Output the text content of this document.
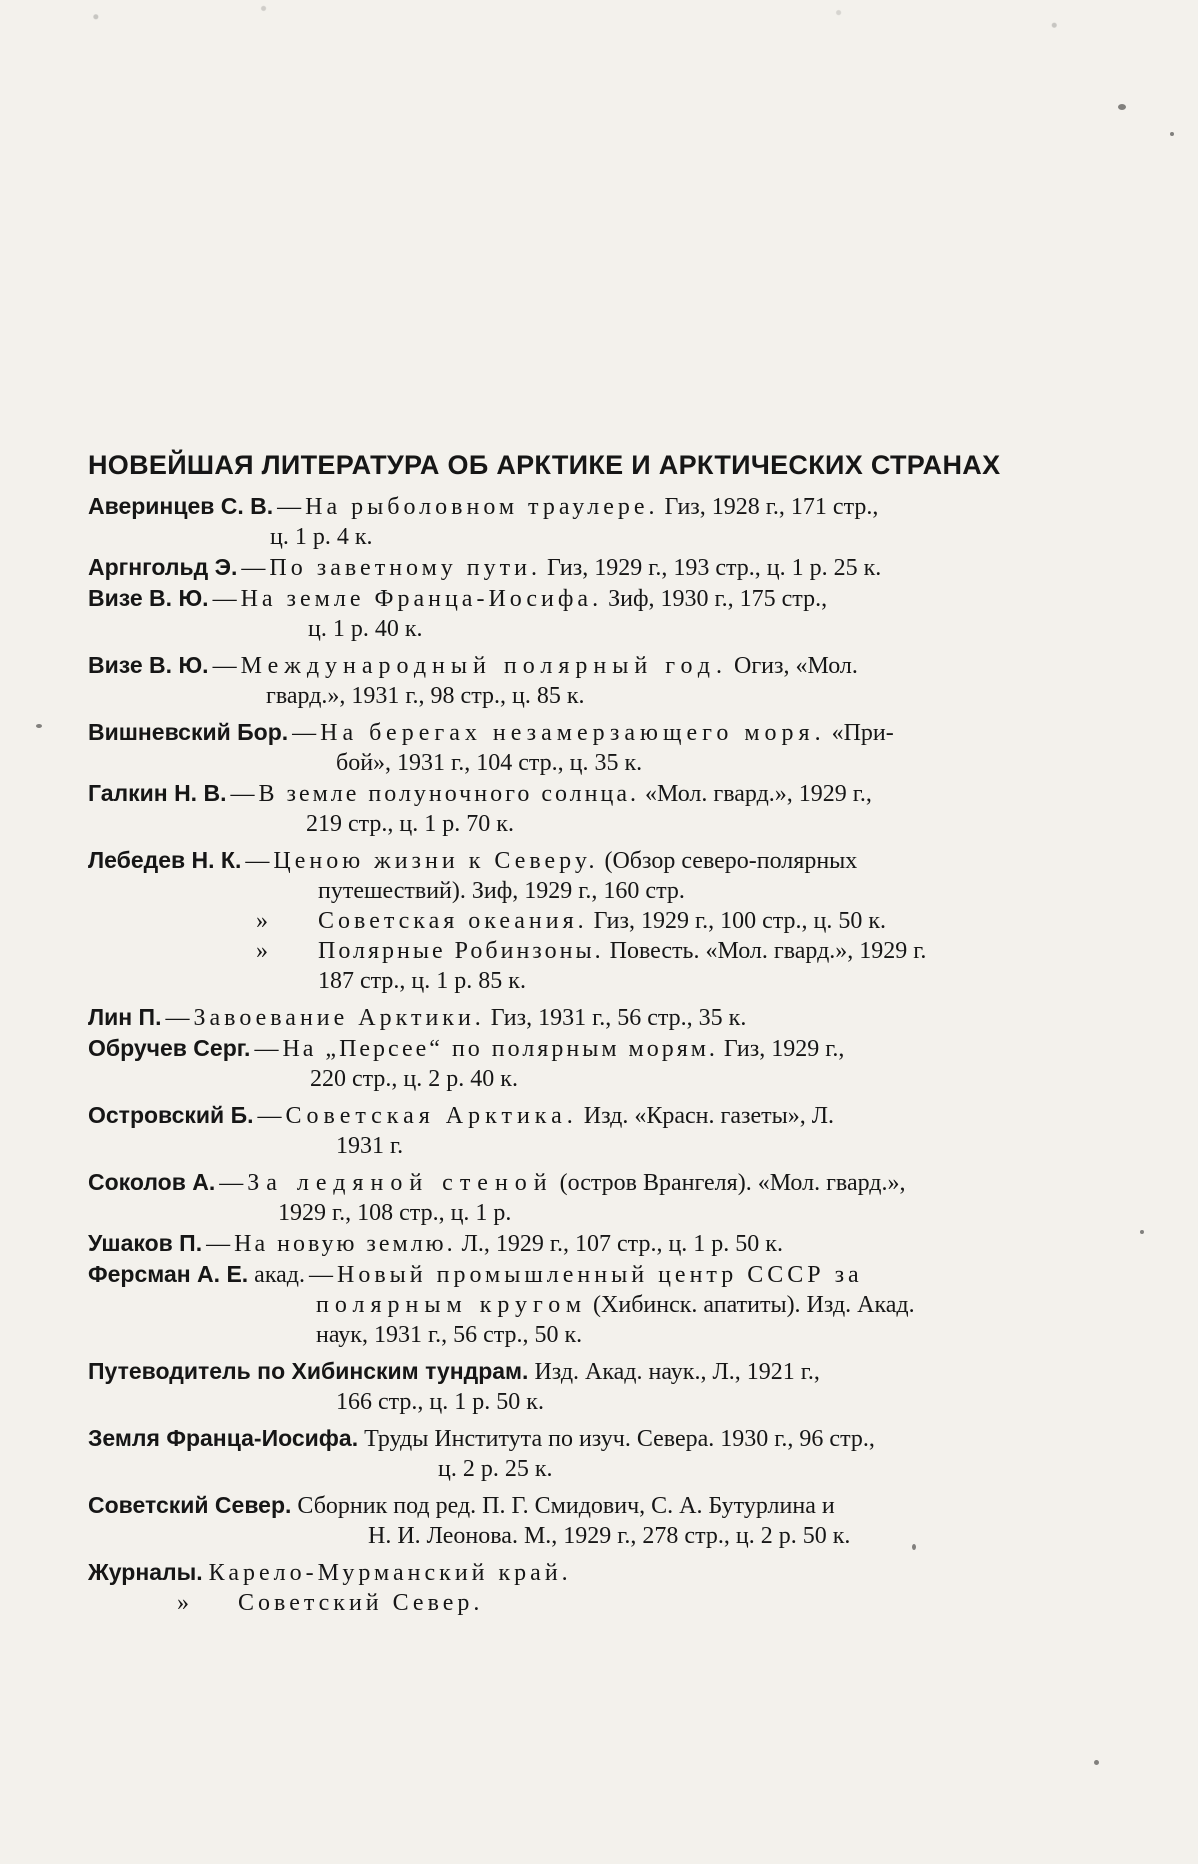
НОВЕЙШАЯ ЛИТЕРАТУРА ОБ АРКТИКЕ И АРКТИЧЕСКИХ СТРАНАХ
Аверинцев С. В. — На рыболовном траулере. Гиз, 1928 г., 171 стр.,
ц. 1 р. 4 к.
Аргнгольд Э. — По заветному пути. Гиз, 1929 г., 193 стр., ц. 1 р. 25 к.
Визе В. Ю. — На земле Франца-Иосифа. Зиф, 1930 г., 175 стр.,
ц. 1 р. 40 к.
Визе В. Ю. — Международный полярный год. Огиз, «Мол.
гвард.», 1931 г., 98 стр., ц. 85 к.
Вишневский Бор. — На берегах незамерзающего моря. «При-
бой», 1931 г., 104 стр., ц. 35 к.
Галкин Н. В. — В земле полуночного солнца. «Мол. гвард.», 1929 г.,
219 стр., ц. 1 р. 70 к.
Лебедев Н. К. — Ценою жизни к Северу. (Обзор северо-полярных
путешествий). Зиф, 1929 г., 160 стр.
» Советская океания. Гиз, 1929 г., 100 стр., ц. 50 к.
» Полярные Робинзоны. Повесть. «Мол. гвард.», 1929 г.
187 стр., ц. 1 р. 85 к.
Лин П. — Завоевание Арктики. Гиз, 1931 г., 56 стр., 35 к.
Обручев Серг. — На „Персее“ по полярным морям. Гиз, 1929 г.,
220 стр., ц. 2 р. 40 к.
Островский Б. — Советская Арктика. Изд. «Красн. газеты», Л.
1931 г.
Соколов А. — За ледяной стеной (остров Врангеля). «Мол. гвард.»,
1929 г., 108 стр., ц. 1 р.
Ушаков П. — На новую землю. Л., 1929 г., 107 стр., ц. 1 р. 50 к.
Ферсман А. Е. акад. — Новый промышленный центр СССР за
полярным кругом (Хибинск. апатиты). Изд. Акад.
наук, 1931 г., 56 стр., 50 к.
Путеводитель по Хибинским тундрам. Изд. Акад. наук., Л., 1921 г.,
166 стр., ц. 1 р. 50 к.
Земля Франца-Иосифа. Труды Института по изуч. Севера. 1930 г., 96 стр.,
ц. 2 р. 25 к.
Советский Север. Сборник под ред. П. Г. Смидович, С. А. Бутурлина и
Н. И. Леонова. М., 1929 г., 278 стр., ц. 2 р. 50 к.
Журналы. Карело-Мурманский край.
» Советский Север.
